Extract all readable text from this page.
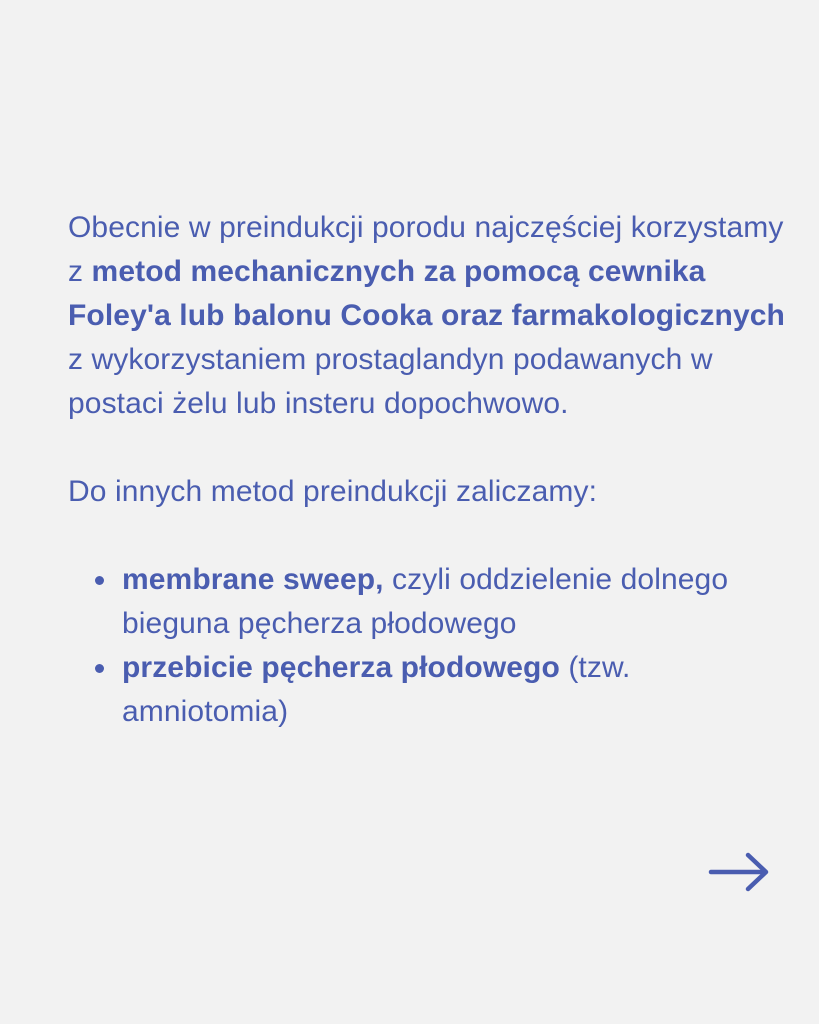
Obecnie w preindukcji porodu najczęściej korzystamy z metod mechanicznych za pomocą cewnika Foley'a lub balonu Cooka oraz farmakologicznych z wykorzystaniem prostaglandyn podawanych w postaci żelu lub insteru dopochwowo.

Do innych metod preindukcji zaliczamy:

membrane sweep, czyli oddzielenie dolnego bieguna pęcherza płodowego
przebicie pęcherza płodowego (tzw. amniotomia)
